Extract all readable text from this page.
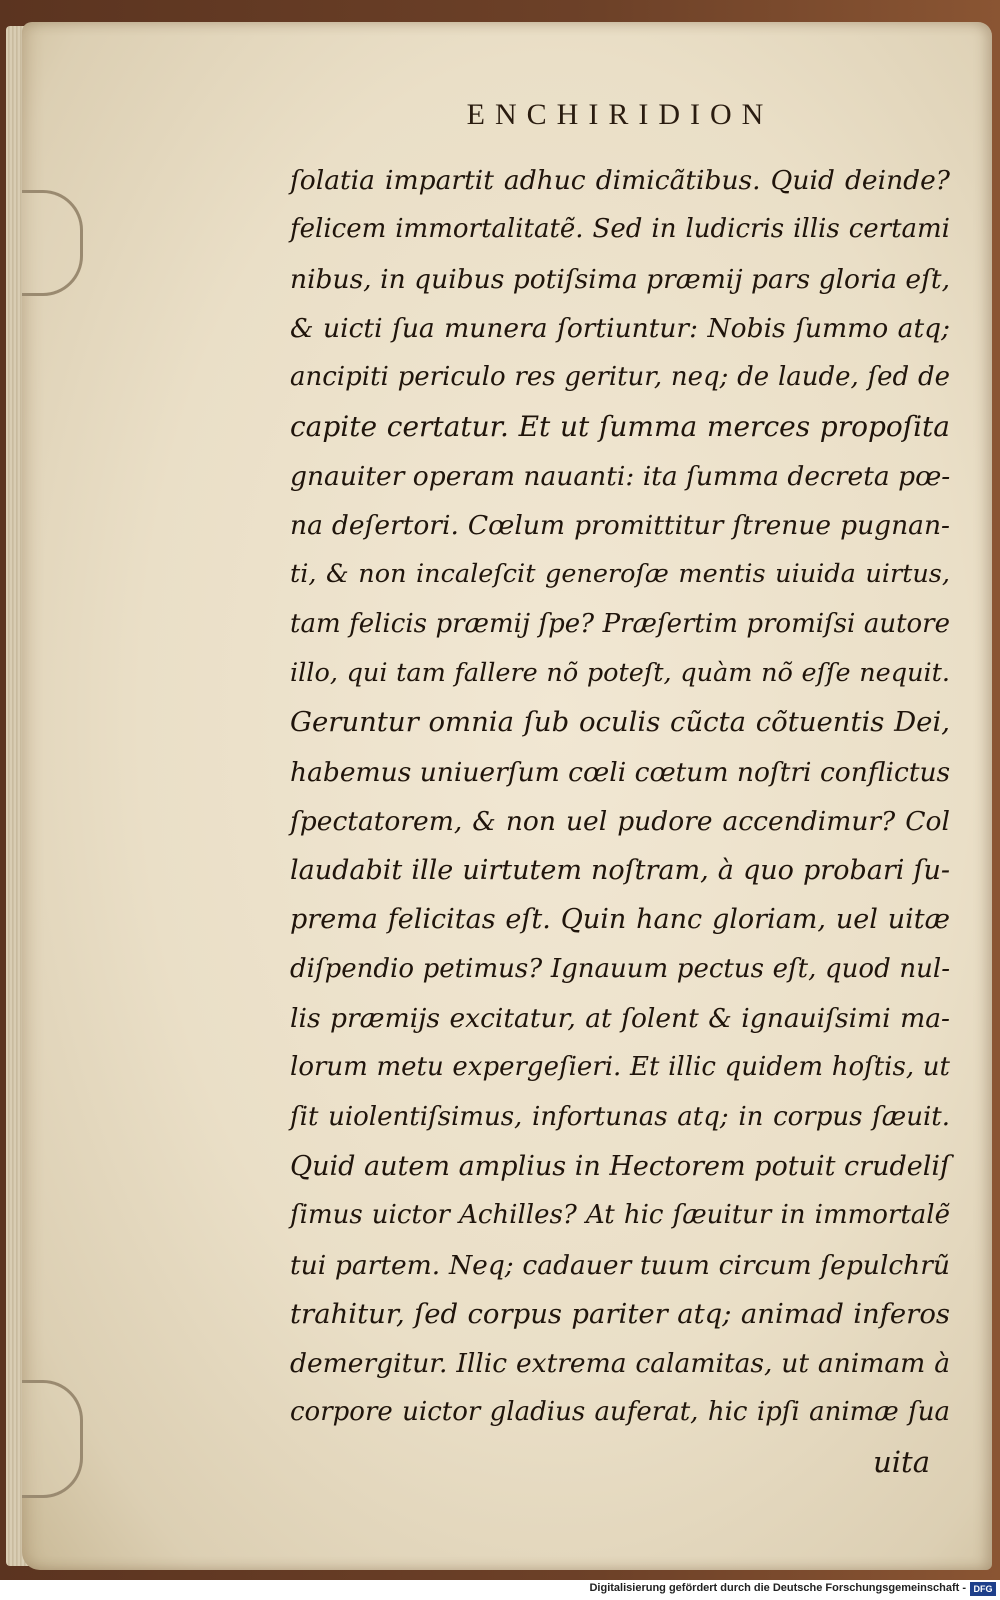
ENCHIRIDION
ſolatia impartit adhuc dimicãtibus. Quid deinde?
felicem immortalitatẽ. Sed in ludicris illis certami
nibus, in quibus potiſsima præmij pars gloria eſt,
& uicti ſua munera ſortiuntur: Nobis ſummo atq;
ancipiti periculo res geritur, neq; de laude, ſed de
capite certatur. Et ut ſumma merces propoſita
gnauiter operam nauanti: ita ſumma decreta pœ-
na deſertori. Cœlum promittitur ſtrenue pugnan-
ti, & non incaleſcit generoſæ mentis uiuida uirtus,
tam felicis præmij ſpe? Præſertim promiſsi autore
illo, qui tam fallere nõ poteſt, quàm nõ eſſe nequit.
Geruntur omnia ſub oculis cũcta cõtuentis Dei,
habemus uniuerſum cœli cœtum noſtri conflictus
ſpectatorem, & non uel pudore accendimur? Col
laudabit ille uirtutem noſtram, à quo probari ſu-
prema felicitas eſt. Quin hanc gloriam, uel uitæ
diſpendio petimus? Ignauum pectus eſt, quod nul-
lis præmijs excitatur, at ſolent & ignauiſsimi ma-
lorum metu expergeſieri. Et illic quidem hoſtis, ut
ſit uiolentiſsimus, infortunas atq; in corpus ſæuit.
Quid autem amplius in Hectorem potuit crudeliſ
ſimus uictor Achilles? At hic ſæuitur in immortalẽ
tui partem. Neq; cadauer tuum circum ſepulchrũ
trahitur, ſed corpus pariter atq; animad inferos
demergitur. Illic extrema calamitas, ut animam à
corpore uictor gladius auferat, hic ipſi animæ ſua
uita
Digitalisierung gefördert durch die Deutsche Forschungsgemeinschaft - DFG
